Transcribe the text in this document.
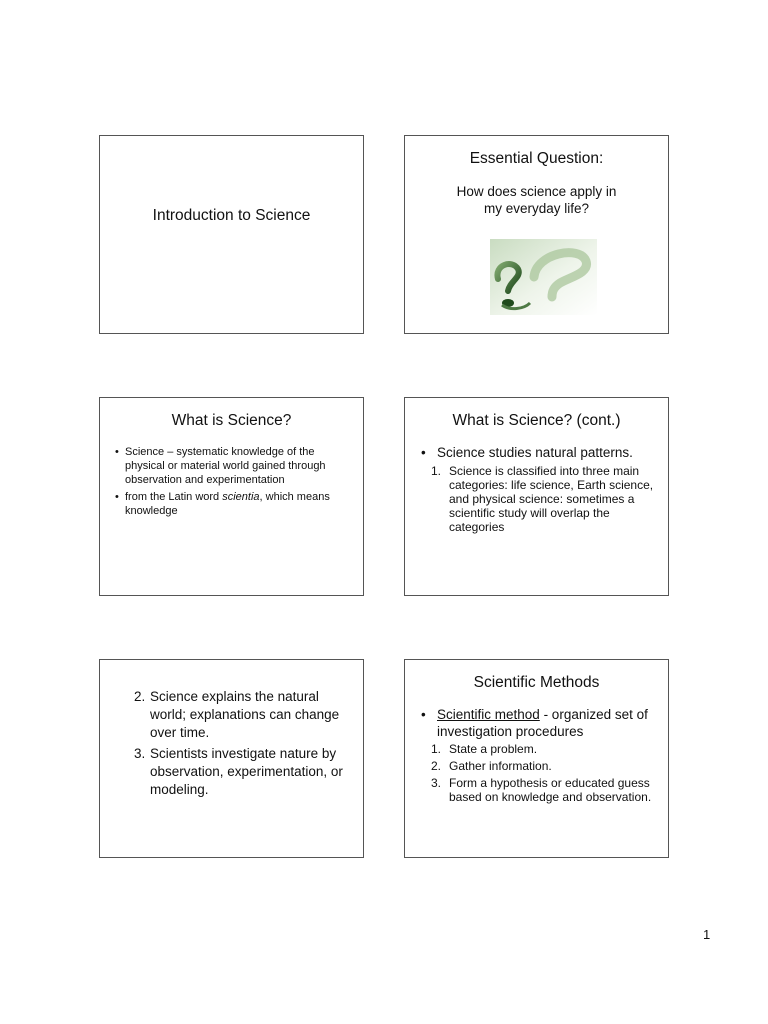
Introduction to Science
Essential Question:
How does science apply in
my everyday life?
What is Science?
• Science – systematic knowledge of the physical or material world gained through observation and experimentation
• from the Latin word scientia, which means knowledge
What is Science? (cont.)
• Science studies natural patterns.
1. Science is classified into three main categories: life science, Earth science, and physical science: sometimes a scientific study will overlap the categories
2. Science explains the natural world; explanations can change over time.
3. Scientists investigate nature by observation, experimentation, or modeling.
Scientific Methods
• Scientific method - organized set of investigation procedures
1. State a problem.
2. Gather information.
3. Form a hypothesis or educated guess based on knowledge and observation.
1
